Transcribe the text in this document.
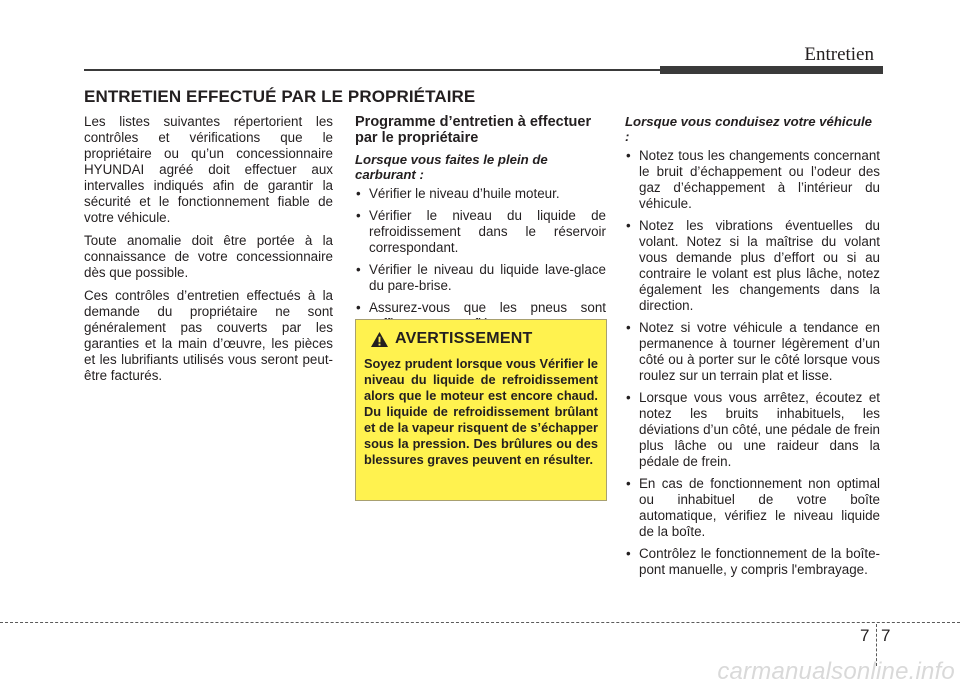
Entretien
ENTRETIEN EFFECTUÉ PAR LE PROPRIÉTAIRE

Les listes suivantes répertorient les contrôles et vérifications que le propriétaire ou qu’un concessionnaire HYUNDAI agréé doit effectuer aux intervalles indiqués afin de garantir la sécurité et le fonctionnement fiable de votre véhicule.

Toute anomalie doit être portée à la connaissance de votre concessionnaire dès que possible.

Ces contrôles d’entretien effectués à la demande du propriétaire ne sont généralement pas couverts par les garanties et la main d’œuvre, les pièces et les lubrifiants utilisés vous seront peut-être facturés.

Programme d’entretien à effectuer par le propriétaire
Lorsque vous faites le plein de carburant :
• Vérifier le niveau d’huile moteur.
• Vérifier le niveau du liquide de refroidissement dans le réservoir correspondant.
• Vérifier le niveau du liquide lave-glace du pare-brise.
• Assurez-vous que les pneus sont
AVERTISSEMENT

Soyez prudent lorsque vous Vérifier le niveau du liquide de refroidissement alors que le moteur est encore chaud. Du liquide de refroidissement brûlant et de la vapeur risquent de s’échapper sous la pression. Des brûlures ou des blessures graves peuvent en résulter.

Lorsque vous conduisez votre véhicule :
• Notez tous les changements concernant le bruit d’échappement ou l’odeur des gaz d’échappement à l’intérieur du véhicule.
• Notez les vibrations éventuelles du volant. Notez si la maîtrise du volant vous demande plus d’effort ou si au contraire le volant est plus lâche, notez également les changements dans la direction.
• Notez si votre véhicule a tendance en permanence à tourner légèrement d’un côté ou à porter sur le côté lorsque vous roulez sur un terrain plat et lisse.
• Lorsque vous vous arrêtez, écoutez et notez les bruits inhabituels, les déviations d’un côté, une pédale de frein plus lâche ou une raideur dans la pédale de frein.
• En cas de fonctionnement non optimal ou inhabituel de votre boîte automatique, vérifiez le niveau liquide de la boîte.
• Contrôlez le fonctionnement de la boîte-pont manuelle, y compris l'embrayage.
7 7
carmanualsonline.info
